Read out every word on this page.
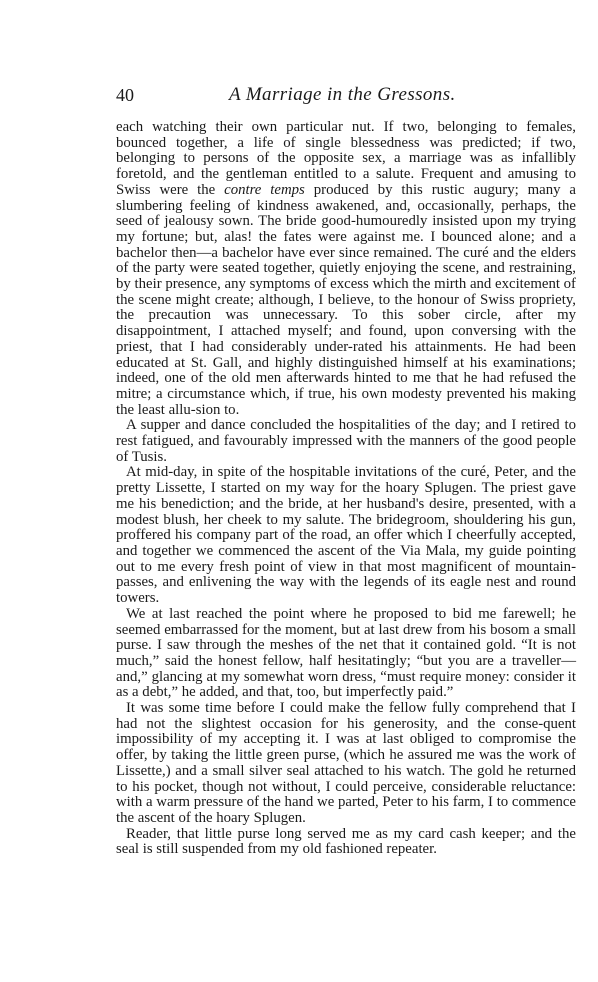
40	A Marriage in the Gressons.

each watching their own particular nut. If two, belonging to females, bounced together, a life of single blessedness was predicted; if two, belonging to persons of the opposite sex, a marriage was as infallibly foretold, and the gentleman entitled to a salute. Frequent and amusing to Swiss were the contre temps produced by this rustic augury; many a slumbering feeling of kindness awakened, and, occasionally, perhaps, the seed of jealousy sown. The bride good-humouredly insisted upon my trying my fortune; but, alas! the fates were against me. I bounced alone; and a bachelor then—a bachelor have ever since remained. The curé and the elders of the party were seated together, quietly enjoying the scene, and restraining, by their presence, any symptoms of excess which the mirth and excitement of the scene might create; although, I believe, to the honour of Swiss propriety, the precaution was unnecessary. To this sober circle, after my disappointment, I attached myself; and found, upon conversing with the priest, that I had considerably under-rated his attainments. He had been educated at St. Gall, and highly distinguished himself at his examinations; indeed, one of the old men afterwards hinted to me that he had refused the mitre; a circumstance which, if true, his own modesty prevented his making the least allu-sion to.

A supper and dance concluded the hospitalities of the day; and I retired to rest fatigued, and favourably impressed with the manners of the good people of Tusis.

At mid-day, in spite of the hospitable invitations of the curé, Peter, and the pretty Lissette, I started on my way for the hoary Splugen. The priest gave me his benediction; and the bride, at her husband's desire, presented, with a modest blush, her cheek to my salute. The bridegroom, shouldering his gun, proffered his company part of the road, an offer which I cheerfully accepted, and together we commenced the ascent of the Via Mala, my guide pointing out to me every fresh point of view in that most magnificent of mountain-passes, and enlivening the way with the legends of its eagle nest and round towers.

We at last reached the point where he proposed to bid me farewell; he seemed embarrassed for the moment, but at last drew from his bosom a small purse. I saw through the meshes of the net that it contained gold. “It is not much,” said the honest fellow, half hesitatingly; “but you are a traveller—and,” glancing at my somewhat worn dress, “must require money: consider it as a debt,” he added, and that, too, but imperfectly paid.”

It was some time before I could make the fellow fully comprehend that I had not the slightest occasion for his generosity, and the conse-quent impossibility of my accepting it. I was at last obliged to compromise the offer, by taking the little green purse, (which he assured me was the work of Lissette,) and a small silver seal attached to his watch. The gold he returned to his pocket, though not without, I could perceive, considerable reluctance: with a warm pressure of the hand we parted, Peter to his farm, I to commence the ascent of the hoary Splugen.

Reader, that little purse long served me as my card cash keeper; and the seal is still suspended from my old fashioned repeater.
